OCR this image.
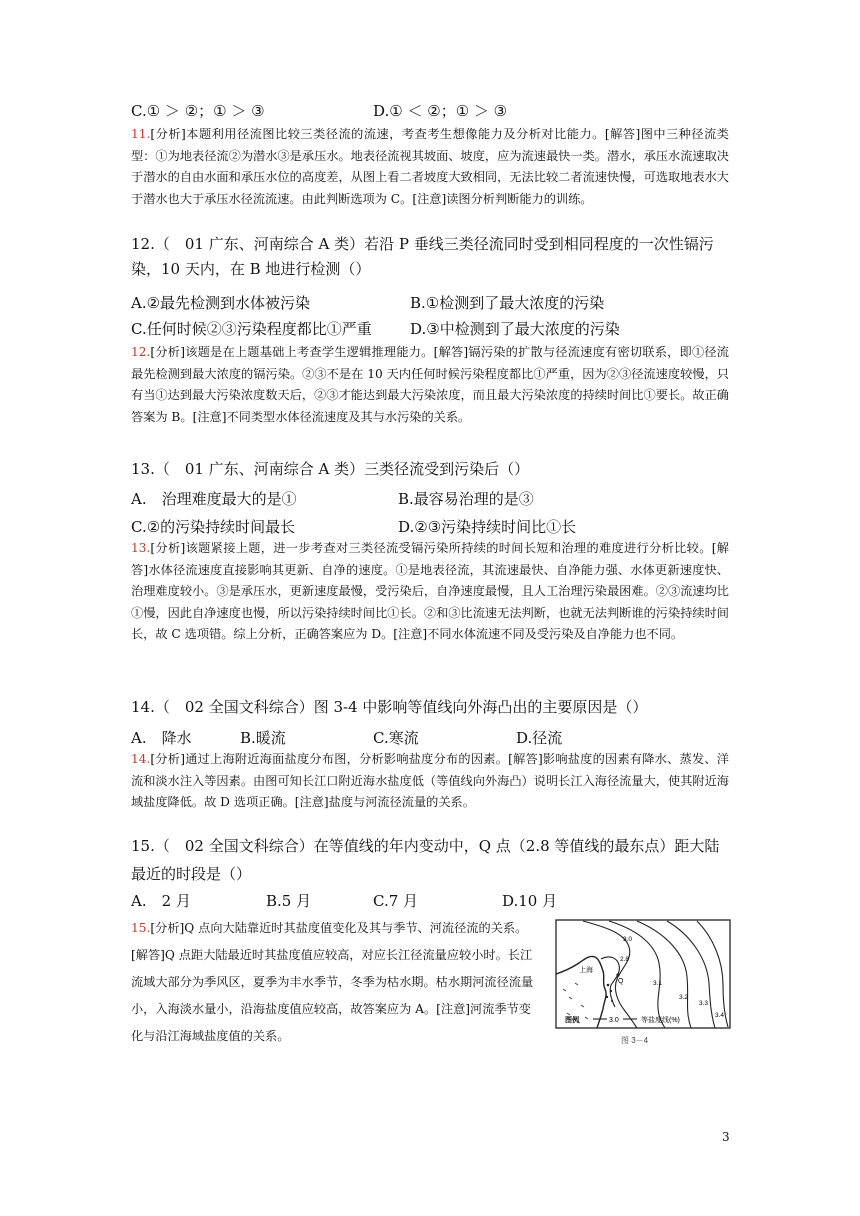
C.① ＞ ②；① ＞ ③	D.① ＜ ②；① ＞ ③
11.[分析]本题利用径流图比较三类径流的流速，考查考生想像能力及分析对比能力。[解答]图中三种径流类型：①为地表径流②为潜水③是承压水。地表径流视其坡面、坡度，应为流速最快一类。潜水，承压水流速取决于潜水的自由水面和承压水位的高度差，从图上看二者坡度大致相同，无法比较二者流速快慢，可选取地表水大于潜水也大于承压水径流流速。由此判断选项为 C。[注意]读图分析判断能力的训练。
12.（　01 广东、河南综合 A 类）若沿 P 垂线三类径流同时受到相同程度的一次性镉污染，10 天内，在 B 地进行检测（）
A.②最先检测到水体被污染	B.①检测到了最大浓度的污染
C.任何时候②③污染程度都比①严重	D.③中检测到了最大浓度的污染
12.[分析]该题是在上题基础上考查学生逻辑推理能力。[解答]镉污染的扩散与径流速度有密切联系，即①径流最先检测到最大浓度的镉污染。②③不是在 10 天内任何时候污染程度都比①严重，因为②③径流速度较慢，只有当①达到最大污染浓度数天后，②③才能达到最大污染浓度，而且最大污染浓度的持续时间比①要长。故正确答案为 B。[注意]不同类型水体径流速度及其与水污染的关系。
13.（　01 广东、河南综合 A 类）三类径流受到污染后（）
A.　治理难度最大的是①	B.最容易治理的是③
C.②的污染持续时间最长	D.②③污染持续时间比①长
13.[分析]该题紧接上题，进一步考查对三类径流受镉污染所持续的时间长短和治理的难度进行分析比较。[解答]水体径流速度直接影响其更新、自净的速度。①是地表径流，其流速最快、自净能力强、水体更新速度快、治理难度较小。③是承压水，更新速度最慢，受污染后，自净速度最慢，且人工治理污染最困难。②③流速均比①慢，因此自净速度也慢，所以污染持续时间比①长。②和③比流速无法判断，也就无法判断谁的污染持续时间长，故 C 选项错。综上分析，正确答案应为 D。[注意]不同水体流速不同及受污染及自净能力也不同。
14.（　02 全国文科综合）图 3-4 中影响等值线向外海凸出的主要原因是（）
A.　降水	B.暖流	C.寒流	D.径流
14.[分析]通过上海附近海面盐度分布图，分析影响盐度分布的因素。[解答]影响盐度的因素有降水、蒸发、洋流和淡水注入等因素。由图可知长江口附近海水盐度低（等值线向外海凸）说明长江入海径流量大，使其附近海域盐度降低。故 D 选项正确。[注意]盐度与河流径流量的关系。
15.（　02 全国文科综合）在等值线的年内变动中，Q 点（2.8 等值线的最东点）距大陆最近的时段是（）
A.　2 月	B.5 月	C.7 月	D.10 月
15.[分析]Q 点向大陆靠近时其盐度值变化及其与季节、河流径流的关系。[解答]Q 点距大陆最近时其盐度值应较高，对应长江径流量应较小时。长江流域大部分为季风区，夏季为丰水季节，冬季为枯水期。枯水期河流径流量小，入海淡水量小，沿海盐度值应较高，故答案应为 A。[注意]河流季节变化与沿江海域盐度值的关系。
上海
Q
3.0
2.8
3.1
3.2
3.3
3.4
图例	3.0	等盐度线(%)
图 3－4
3
